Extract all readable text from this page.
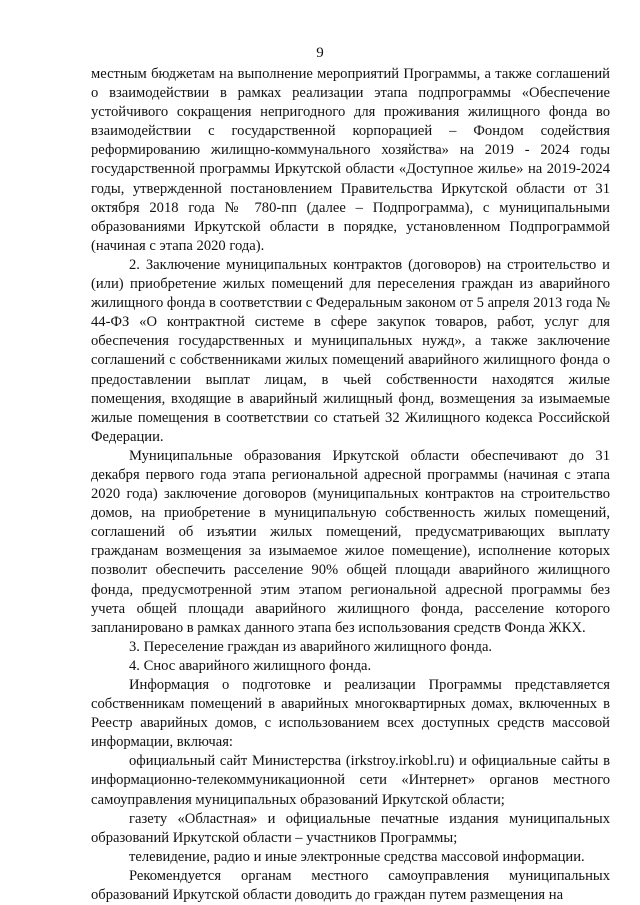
9

местным бюджетам на выполнение мероприятий Программы, а также соглашений о взаимодействии в рамках реализации этапа подпрограммы «Обеспечение устойчивого сокращения непригодного для проживания жилищного фонда во взаимодействии с государственной корпорацией – Фондом содействия реформированию жилищно-коммунального хозяйства» на 2019 - 2024 годы государственной программы Иркутской области «Доступное жилье» на 2019-2024 годы, утвержденной постановлением Правительства Иркутской области от 31 октября 2018 года № 780-пп (далее – Подпрограмма), с муниципальными образованиями Иркутской области в порядке, установленном Подпрограммой (начиная с этапа 2020 года).

2. Заключение муниципальных контрактов (договоров) на строительство и (или) приобретение жилых помещений для переселения граждан из аварийного жилищного фонда в соответствии с Федеральным законом от 5 апреля 2013 года № 44-ФЗ «О контрактной системе в сфере закупок товаров, работ, услуг для обеспечения государственных и муниципальных нужд», а также заключение соглашений с собственниками жилых помещений аварийного жилищного фонда о предоставлении выплат лицам, в чьей собственности находятся жилые помещения, входящие в аварийный жилищный фонд, возмещения за изымаемые жилые помещения в соответствии со статьей 32 Жилищного кодекса Российской Федерации.

Муниципальные образования Иркутской области обеспечивают до 31 декабря первого года этапа региональной адресной программы (начиная с этапа 2020 года) заключение договоров (муниципальных контрактов на строительство домов, на приобретение в муниципальную собственность жилых помещений, соглашений об изъятии жилых помещений, предусматривающих выплату гражданам возмещения за изымаемое жилое помещение), исполнение которых позволит обеспечить расселение 90% общей площади аварийного жилищного фонда, предусмотренной этим этапом региональной адресной программы без учета общей площади аварийного жилищного фонда, расселение которого запланировано в рамках данного этапа без использования средств Фонда ЖКХ.

3. Переселение граждан из аварийного жилищного фонда.

4. Снос аварийного жилищного фонда.

Информация о подготовке и реализации Программы представляется собственникам помещений в аварийных многоквартирных домах, включенных в Реестр аварийных домов, с использованием всех доступных средств массовой информации, включая:

официальный сайт Министерства (irkstroy.irkobl.ru) и официальные сайты в информационно-телекоммуникационной сети «Интернет» органов местного самоуправления муниципальных образований Иркутской области;

газету «Областная» и официальные печатные издания муниципальных образований Иркутской области – участников Программы;

телевидение, радио и иные электронные средства массовой информации.

Рекомендуется органам местного самоуправления муниципальных образований Иркутской области доводить до граждан путем размещения на
